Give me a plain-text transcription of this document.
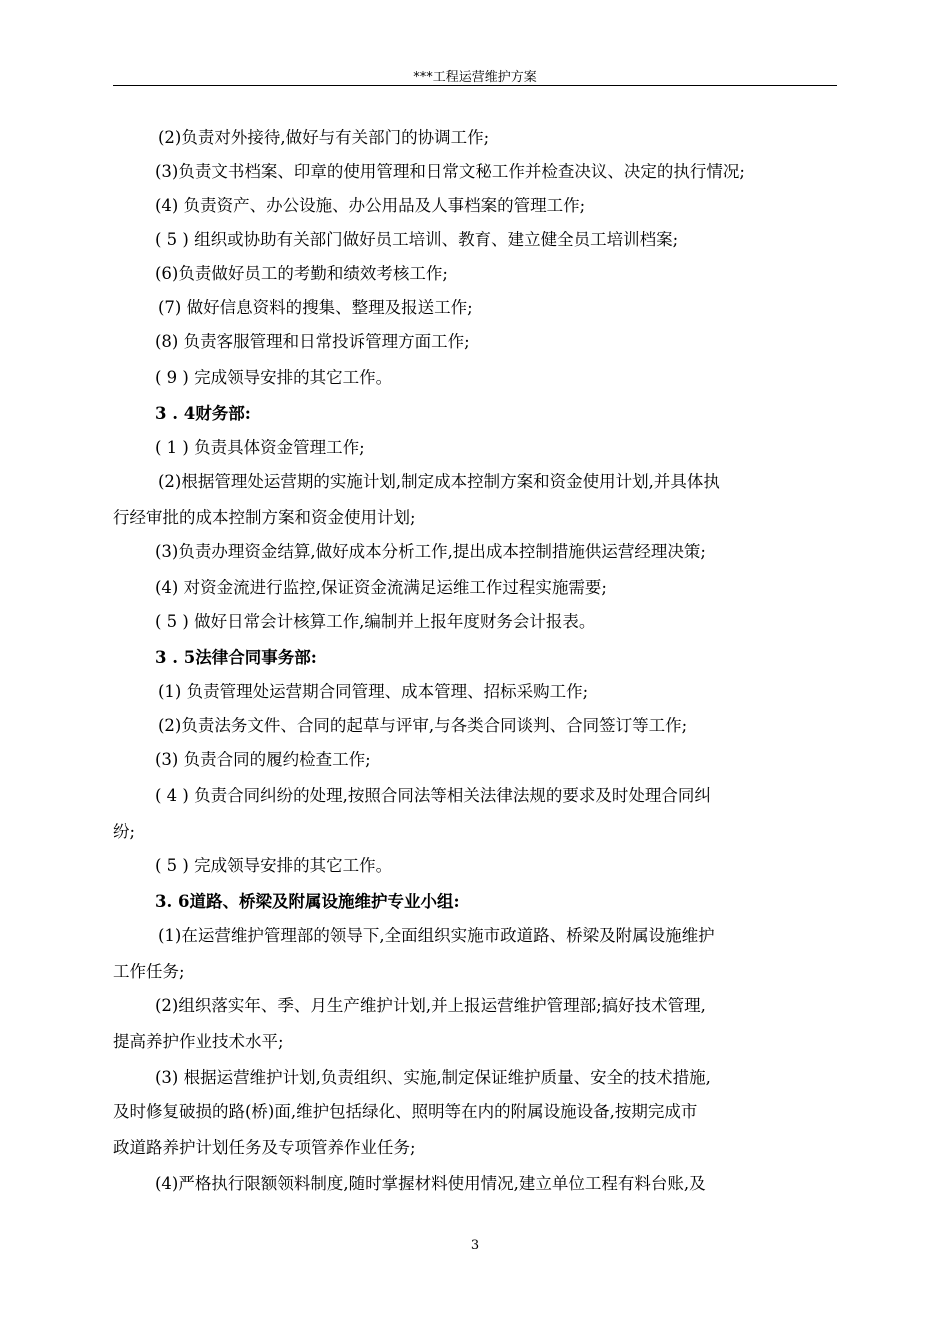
***工程运营维护方案
(2)负责对外接待,做好与有关部门的协调工作;
(3)负责文书档案、印章的使用管理和日常文秘工作并检查决议、决定的执行情况;
(4) 负责资产、办公设施、办公用品及人事档案的管理工作;
( 5 ) 组织或协助有关部门做好员工培训、教育、建立健全员工培训档案;
(6)负责做好员工的考勤和绩效考核工作;
(7) 做好信息资料的搜集、整理及报送工作;
(8) 负责客服管理和日常投诉管理方面工作;
( 9 ) 完成领导安排的其它工作。
3 . 4财务部:
( 1 ) 负责具体资金管理工作;
(2)根据管理处运营期的实施计划,制定成本控制方案和资金使用计划,并具体执
行经审批的成本控制方案和资金使用计划;
(3)负责办理资金结算,做好成本分析工作,提出成本控制措施供运营经理决策;
(4) 对资金流进行监控,保证资金流满足运维工作过程实施需要;
( 5 ) 做好日常会计核算工作,编制并上报年度财务会计报表。
3 . 5法律合同事务部:
(1) 负责管理处运营期合同管理、成本管理、招标采购工作;
(2)负责法务文件、合同的起草与评审,与各类合同谈判、合同签订等工作;
(3) 负责合同的履约检查工作;
( 4 ) 负责合同纠纷的处理,按照合同法等相关法律法规的要求及时处理合同纠
纷;
( 5 ) 完成领导安排的其它工作。
3. 6道路、桥梁及附属设施维护专业小组:
(1)在运营维护管理部的领导下,全面组织实施市政道路、桥梁及附属设施维护
工作任务;
(2)组织落实年、季、月生产维护计划,并上报运营维护管理部;搞好技术管理,
提高养护作业技术水平;
(3) 根据运营维护计划,负责组织、实施,制定保证维护质量、安全的技术措施,
及时修复破损的路(桥)面,维护包括绿化、照明等在内的附属设施设备,按期完成市
政道路养护计划任务及专项管养作业任务;
(4)严格执行限额领料制度,随时掌握材料使用情况,建立单位工程有料台账,及
3
